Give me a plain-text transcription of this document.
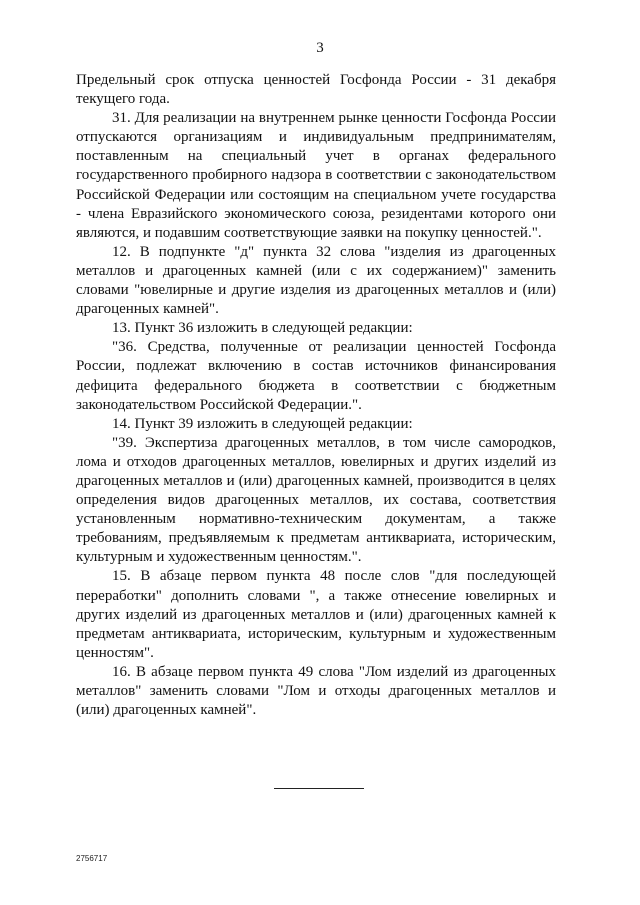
3

Предельный срок отпуска ценностей Госфонда России - 31 декабря текущего года.

31. Для реализации на внутреннем рынке ценности Госфонда России отпускаются организациям и индивидуальным предпринимателям, поставленным на специальный учет в органах федерального государственного пробирного надзора в соответствии с законодательством Российской Федерации или состоящим на специальном учете государства - члена Евразийского экономического союза, резидентами которого они являются, и подавшим соответствующие заявки на покупку ценностей.".

12. В подпункте "д" пункта 32 слова "изделия из драгоценных металлов и драгоценных камней (или с их содержанием)" заменить словами "ювелирные и другие изделия из драгоценных металлов и (или) драгоценных камней".

13. Пункт 36 изложить в следующей редакции:

"36. Средства, полученные от реализации ценностей Госфонда России, подлежат включению в состав источников финансирования дефицита федерального бюджета в соответствии с бюджетным законодательством Российской Федерации.".

14. Пункт 39 изложить в следующей редакции:

"39. Экспертиза драгоценных металлов, в том числе самородков, лома и отходов драгоценных металлов, ювелирных и других изделий из драгоценных металлов и (или) драгоценных камней, производится в целях определения видов драгоценных металлов, их состава, соответствия установленным нормативно-техническим документам, а также требованиям, предъявляемым к предметам антиквариата, историческим, культурным и художественным ценностям.".

15. В абзаце первом пункта 48 после слов "для последующей переработки" дополнить словами ", а также отнесение ювелирных и других изделий из драгоценных металлов и (или) драгоценных камней к предметам антиквариата, историческим, культурным и художественным ценностям".

16. В абзаце первом пункта 49 слова "Лом изделий из драгоценных металлов" заменить словами "Лом и отходы драгоценных металлов и (или) драгоценных камней".

2756717
